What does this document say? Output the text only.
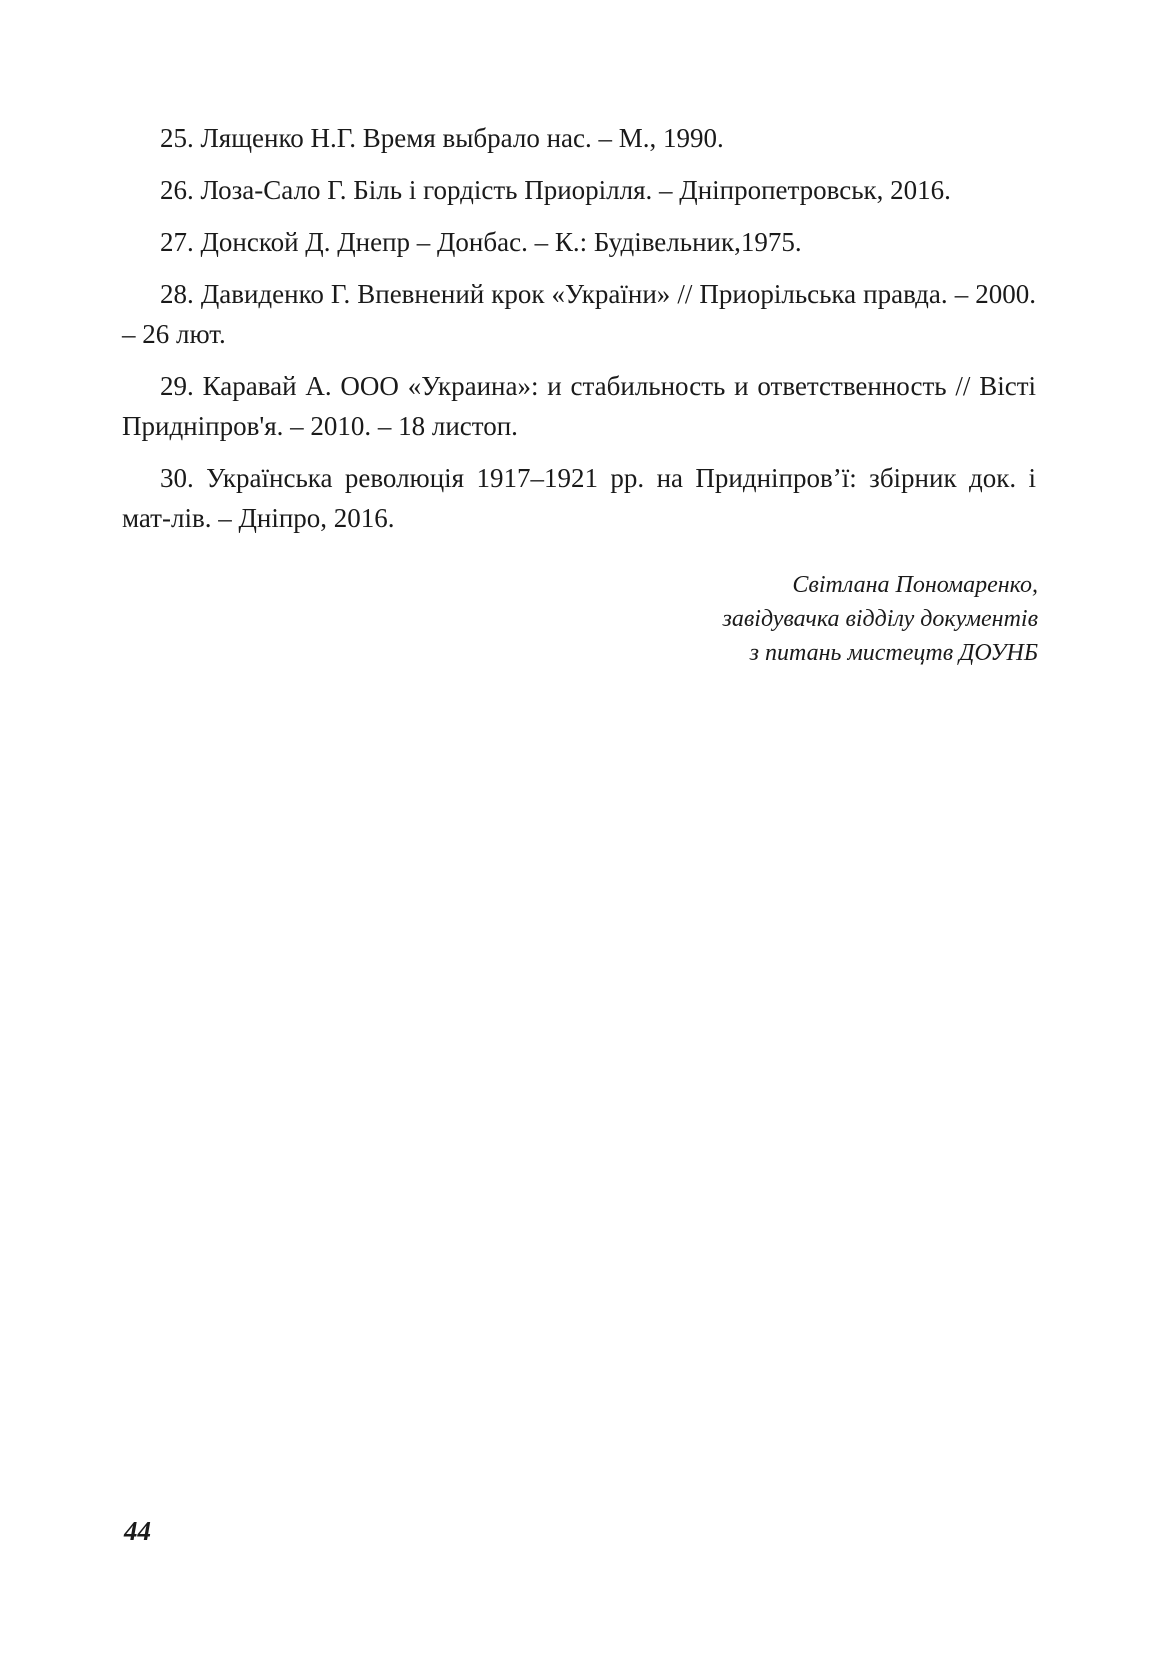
25. Лященко Н.Г. Время выбрало нас. – М., 1990.

26. Лоза-Сало Г. Біль і гордість Приорілля. – Дніпропетровськ, 2016.

27. Донской Д. Днепр – Донбас. – К.: Будівельник,1975.

28. Давиденко Г. Впевнений крок «України» // Приорільська правда. – 2000. – 26 лют.

29. Каравай А. ООО «Украина»: и стабильность и ответственность // Вісті Придніпров'я. – 2010. – 18 листоп.

30. Українська революція 1917–1921 рр. на Придніпров’ї: збірник док. і мат-лів. – Дніпро, 2016.

Світлана Пономаренко,
завідувачка відділу документів
з питань мистецтв ДОУНБ
44
